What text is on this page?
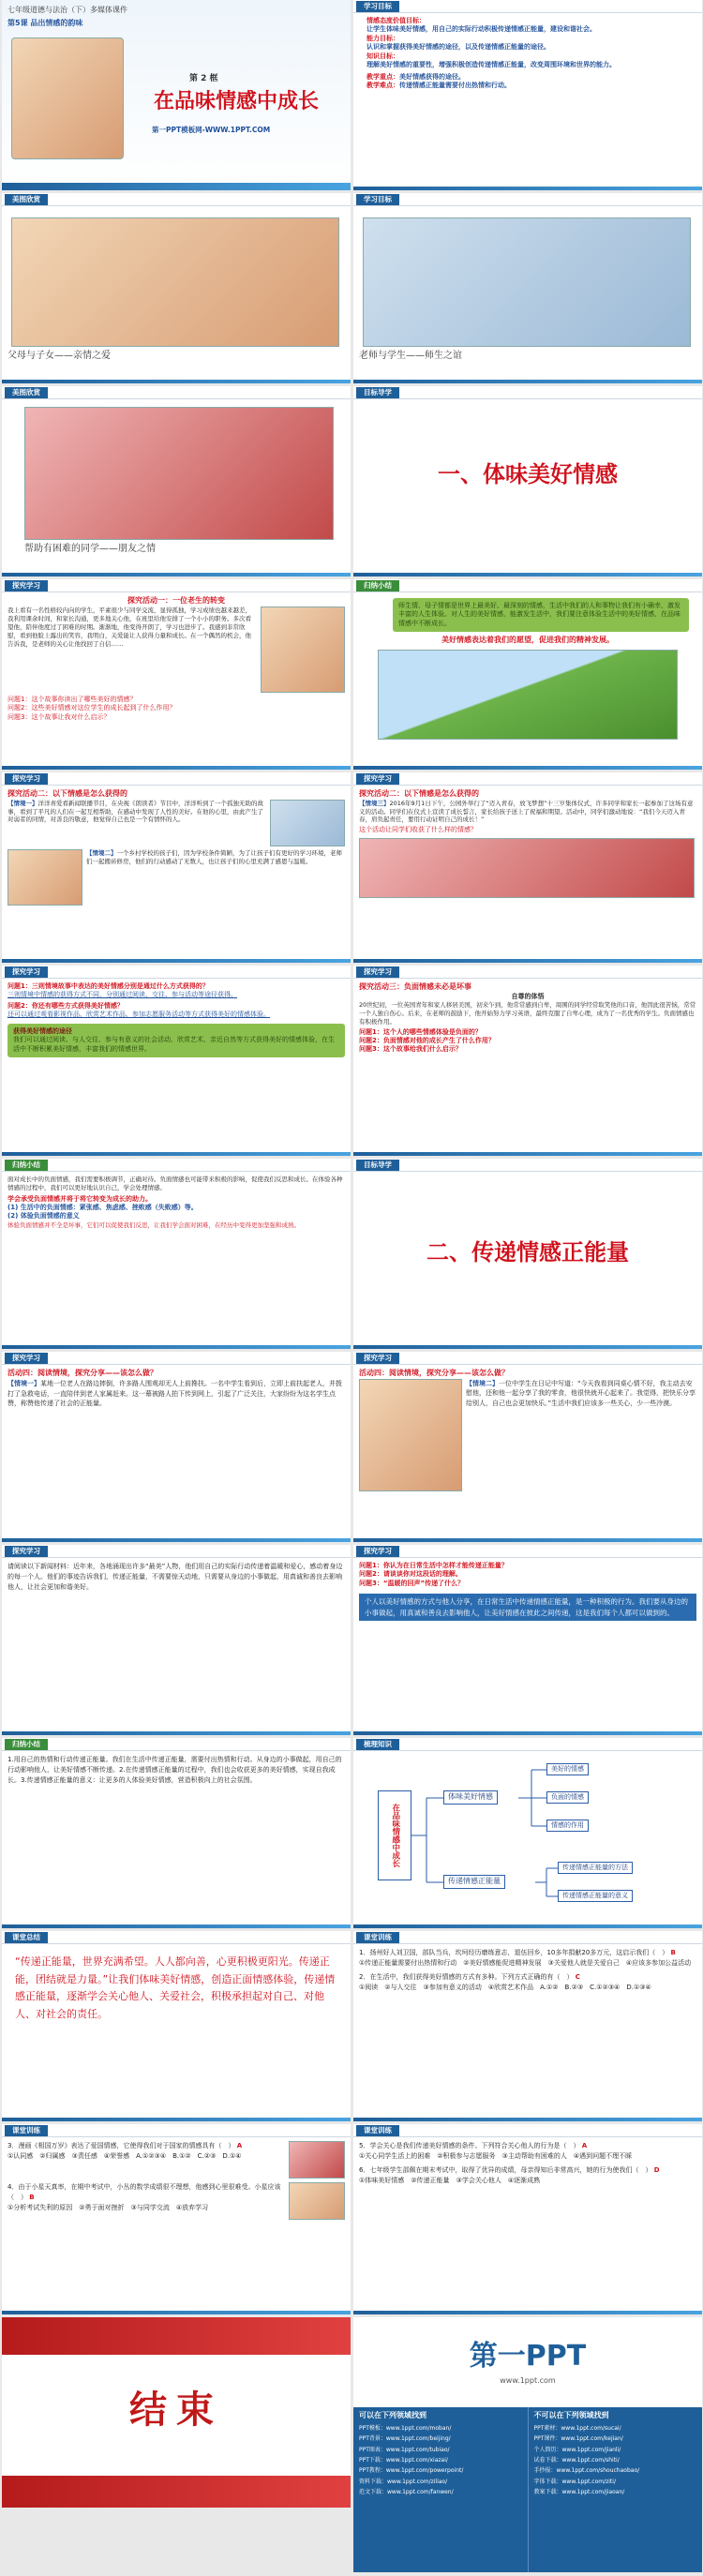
七年级道德与法治（下）多媒体课件
第5课 品出情感的韵味
第 2 框
在品味情感中成长
第一PPT模板网-WWW.1PPT.COM
学习目标
情感态度价值目标：
让学生体味美好情感，用自己的实际行动积极传递情感正能量，建设和谐社会。
能力目标：
认识和掌握获得美好情感的途径，以及传递情感正能量的途径。
知识目标：
理解美好情感的重要性，增强积极创造传递情感正能量，改变周围环境和世界的能力。
教学重点：美好情感获得的途径。
教学难点：传递情感正能量需要付出热情和行动。
美图欣赏
父母与子女——亲情之爱
学习目标
老师与学生——师生之谊
美图欣赏
帮助有困难的同学——朋友之情
目标导学
一、体味美好情感
探究学习
探究活动一：一位老生的转变
我上看有一名性格较内向的学生，平素很少与同学交流，显得孤独，学习成绩也越来越差，我利用课余时间，和家长沟通，更多地关心他，在班里给他安排了一个小小的职务。多次看望他，陪伴他度过了困难的时期。渐渐地，他变得开朗了，学习也进步了。我感到非常欣慰，看到他脸上露出的笑容，我明白，关爱能让人获得力量和成长。在一个偶然的机会，他告诉我，是老师的关心让他找回了自信……
问题1：这个故事你读出了哪些美好的情感？
问题2：这些美好情感对这位学生的成长起到了什么作用？
问题3：这个故事让我对什么启示？
归纳小结
师生情、母子情都是世界上最美好、最深刻的情感，生活中我们的人和事物让我们有小确幸，激发丰富的人生体验。对人生的美好情感，能激发生活中，我们要注意体验生活中的美好情感，在品味情感中不断成长。
美好情感表达着我们的愿望，促进我们的精神发展。
探究学习
探究活动二：以下情感是怎么获得的
【情境一】洋洋喜爱看新闻联播节目，在央视《朗读者》节目中，洋洋听到了一个孤独无助的故事，看到了平凡的人们在一起互相帮助，在感动中发现了人性的美好。在他的心里，由此产生了对弱者的同情，对善良的敬意，他觉得自己也是一个有情怀的人。
【情境二】一个乡村学校的孩子们，因为学校条件简陋，为了让孩子们有更好的学习环境，老师们一起搬砖修房，他们的行动感动了无数人，也让孩子们的心里充满了感恩与温暖。
探究学习
探究活动二：以下情感是怎么获得的
【情境三】2016年9月1日下午，公园外举行了“迈入青春，放飞梦想”十三岁集体仪式，许多同学和家长一起参加了这场有意义的活动。同学们在仪式上宣读了成长誓言，家长给孩子送上了祝福和期望。活动中，同学们激动地说：“我们今天迈入青春，肩负起责任，要用行动证明自己的成长！”
这个活动让同学们收获了什么样的情感？
探究学习
问题1：三则情境故事中表达的美好情感分别是通过什么方式获得的？
三则情境中情感的获得方式不同，分别通过阅读、交往、参与活动等途径获得。
问题2：你还有哪些方式获得美好情感？
还可以通过观看影视作品、欣赏艺术作品、参加志愿服务活动等方式获得美好的情感体验。
获得美好情感的途径
我们可以通过阅读、与人交往、参与有意义的社会活动、欣赏艺术、亲近自然等方式获得美好的情感体验，在生活中不断积累美好情感，丰富我们的情感世界。
探究学习
探究活动三：负面情感未必是坏事
自尊的体悟
20世纪初，一位英国青年和家人移居美国，初来乍到，他常常感到自卑，周围的同学经常取笑他的口音，他因此很苦恼，常常一个人独自伤心。后来，在老师的鼓励下，他开始努力学习英语，最终克服了自卑心理，成为了一名优秀的学生。负面情感也有积极作用。
问题1：这个人的哪些情感体验是负面的？
问题2：负面情感对他的成长产生了什么作用？
问题3：这个故事给我们什么启示？
归纳小结
面对成长中的负面情感，我们需要积极调节，正确对待。负面情感也可能带来积极的影响，促使我们反思和成长。在体验各种情感的过程中，我们可以更好地认识自己，学会处理情感。
学会承受负面情感并将于将它转变为成长的助力。
(1) 生活中的负面情感：紧张感、焦虑感、挫败感（失败感）等。
(2) 体验负面情感的意义
体验负面情感并不全是坏事，它们可以促使我们反思，让我们学会面对困难，在经历中变得更加坚强和成熟。
目标导学
二、传递情感正能量
探究学习
活动四：阅读情境，探究分享——该怎么做？
【情境一】某地一位老人在路边摔倒，许多路人围观却无人上前搀扶。一名中学生看到后，立即上前扶起老人，并拨打了急救电话，一直陪伴到老人家属赶来。这一幕被路人拍下传到网上，引起了广泛关注，大家纷纷为这名学生点赞，称赞他传递了社会的正能量。
探究学习
活动四：阅读情境，探究分享——该怎么做？
【情境二】一位中学生在日记中写道：“今天我看到同桌心情不好，我主动去安慰他，还和他一起分享了我的零食，他很快就开心起来了。我觉得，把快乐分享给别人，自己也会更加快乐。”生活中我们应该多一些关心，少一些冷漠。
探究学习
请阅读以下新闻材料：近年来，各地涌现出许多“最美”人物，他们用自己的实际行动传递着温暖和爱心，感动着身边的每一个人。他们的事迹告诉我们，传递正能量，不需要惊天动地，只需要从身边的小事做起，用真诚和善良去影响他人，让社会更加和谐美好。
探究学习
问题1：你认为在日常生活中怎样才能传递正能量？
问题2：请谈谈你对这段话的理解。
问题3：“温暖的回声”传递了什么？
个人以美好情感的方式与他人分享，在日常生活中传递情感正能量，是一种积极的行为。我们要从身边的小事做起，用真诚和善良去影响他人，让美好情感在彼此之间传递，这是我们每个人都可以做到的。
归纳小结
1.用自己的热情和行动传递正能量。我们在生活中传递正能量，需要付出热情和行动。从身边的小事做起，用自己的行动影响他人，让美好情感不断传递。2.在传递情感正能量的过程中，我们也会收获更多的美好情感，实现自我成长。3.传递情感正能量的意义：让更多的人体验美好情感，营造积极向上的社会氛围。
梳理知识
在品味情感中成长
体味美好情感
传递情感正能量
美好的情感
负面的情感
情感的作用
传递情感正能量的方法
传递情感正能量的意义
课堂总结
“传递正能量，世界充满希望。人人都向善，心更积极更阳光。传递正能，团结就是力量。”让我们体味美好情感，创造正面情感体验，传递情感正能量，逐渐学会关心他人、关爱社会，积极承担起对自己、对他人、对社会的责任。
课堂训练
1．扬州好人刘卫国，部队当兵，坎坷经历磨练意志，退伍回乡，10多年捐献20多万元，这启示我们（　） B
①传递正能量需要付出热情和行动　②美好情感能促进精神发展　③关爱他人就是关爱自己　④应该多参加公益活动
2．在生活中，我们获得美好情感的方式有多种。下列方式正确的有（　） C
①阅读　②与人交往　③参加有意义的活动　④欣赏艺术作品　A.①②　B.②③　C.①②③④　D.①③④
课堂训练
3．漫画《相国万岁》表达了爱国情感，它使得我们对于国家的情感具有（　） A
①认同感　②归属感　③责任感　④荣誉感　A.①②③④　B.①②　C.②③　D.①④
4．由于小星天真率，在期中考试中，小丛的数学成绩很不理想，他感到心里很难受。小星应该（　） B
①分析考试失利的原因　②勇于面对挫折　③与同学交流　④放弃学习
课堂训练
5．学会关心是我们传递美好情感的条件。下列符合关心他人的行为是（　） A
①关心同学生活上的困难　②积极参与志愿服务　③主动帮助有困难的人　④遇到问题不理不睬
6．七年级学生邵佩在期末考试中，取得了优异的成绩，母亲得知后非常高兴，她的行为使我们（　） D
①体味美好情感　②传递正能量　③学会关心他人　④逐渐成熟
结束
第一PPT
www.1ppt.com
可以在下列领域找到
PPT模板：www.1ppt.com/moban/
PPT背景：www.1ppt.com/beijing/
PPT图表：www.1ppt.com/tubiao/
PPT下载：www.1ppt.com/xiazai/
PPT教程：www.1ppt.com/powerpoint/
资料下载：www.1ppt.com/ziliao/
范文下载：www.1ppt.com/fanwen/
不可以在下列领域找到
PPT素材：www.1ppt.com/sucai/
PPT课件：www.1ppt.com/kejian/
个人简历：www.1ppt.com/jianli/
试卷下载：www.1ppt.com/shiti/
手抄报：www.1ppt.com/shouchaobao/
字体下载：www.1ppt.com/ziti/
教案下载：www.1ppt.com/jiaoan/
